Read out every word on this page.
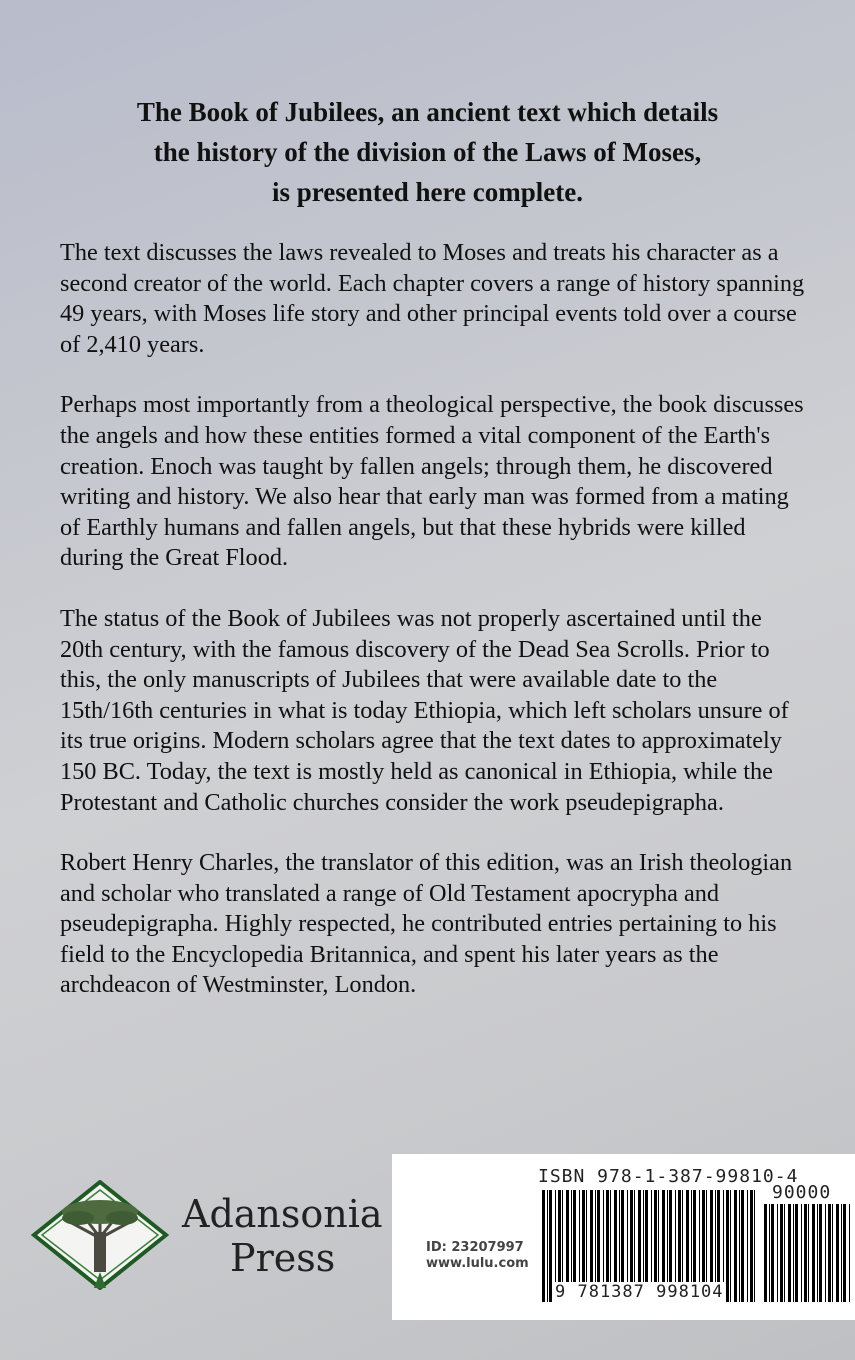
The Book of Jubilees, an ancient text which details
the history of the division of the Laws of Moses,
is presented here complete.

The text discusses the laws revealed to Moses and treats his character as a second creator of the world. Each chapter covers a range of history spanning 49 years, with Moses life story and other principal events told over a course of 2,410 years.

Perhaps most importantly from a theological perspective, the book discusses the angels and how these entities formed a vital component of the Earth's creation. Enoch was taught by fallen angels; through them, he discovered writing and history. We also hear that early man was formed from a mating of Earthly humans and fallen angels, but that these hybrids were killed during the Great Flood.

The status of the Book of Jubilees was not properly ascertained until the 20th century, with the famous discovery of the Dead Sea Scrolls. Prior to this, the only manuscripts of Jubilees that were available date to the 15th/16th centuries in what is today Ethiopia, which left scholars unsure of its true origins. Modern scholars agree that the text dates to approximately 150 BC. Today, the text is mostly held as canonical in Ethiopia, while the Protestant and Catholic churches consider the work pseudepigrapha.

Robert Henry Charles, the translator of this edition, was an Irish theologian and scholar who translated a range of Old Testament apocrypha and pseudepigrapha. Highly respected, he contributed entries pertaining to his field to the Encyclopedia Britannica, and spent his later years as the archdeacon of Westminster, London.

Adansonia
Press
ISBN 978-1-387-99810-4
90000
ID: 23207997
www.lulu.com
9 781387 998104
